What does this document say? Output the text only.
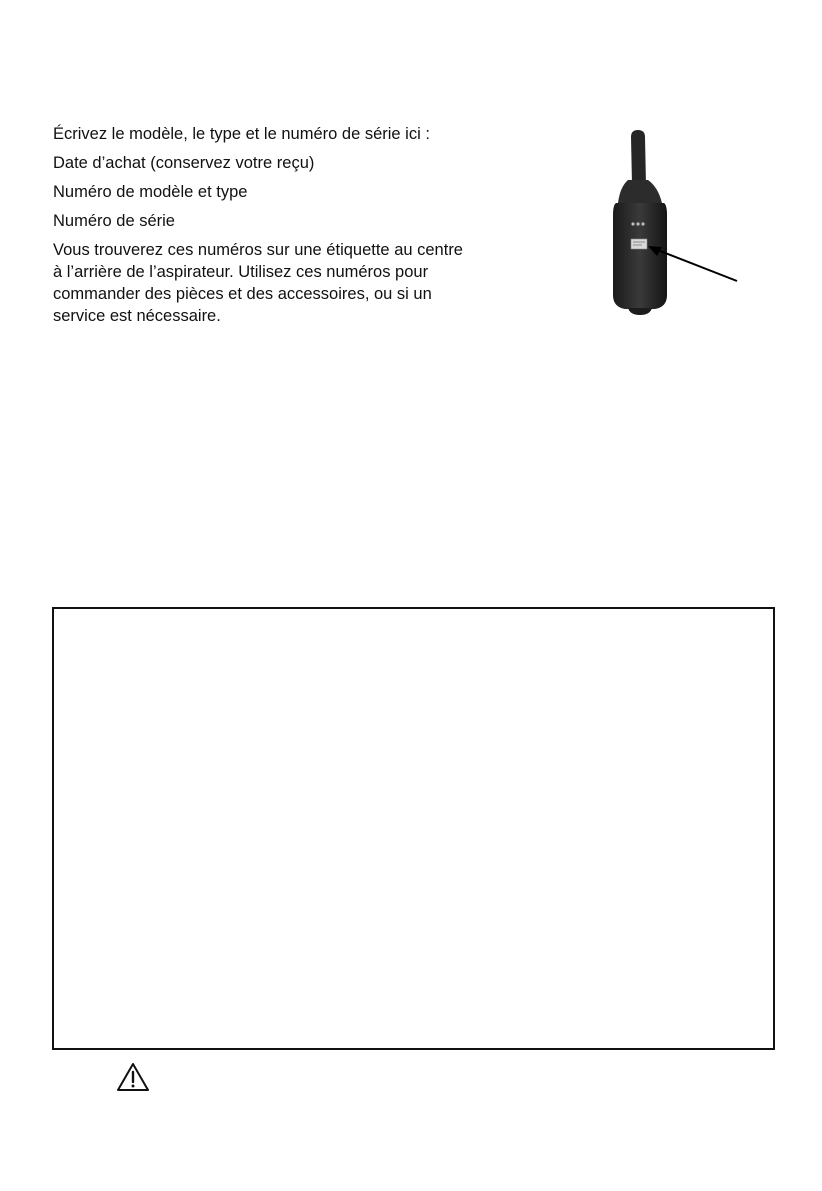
Écrivez le modèle, le type et le numéro de série ici :

Date d’achat (conservez votre reçu)

Numéro de modèle et type

Numéro de série

Vous trouverez ces numéros sur une étiquette au centre
à l’arrière de l’aspirateur. Utilisez ces numéros pour
commander des pièces et des accessoires, ou si un
service est nécessaire.
